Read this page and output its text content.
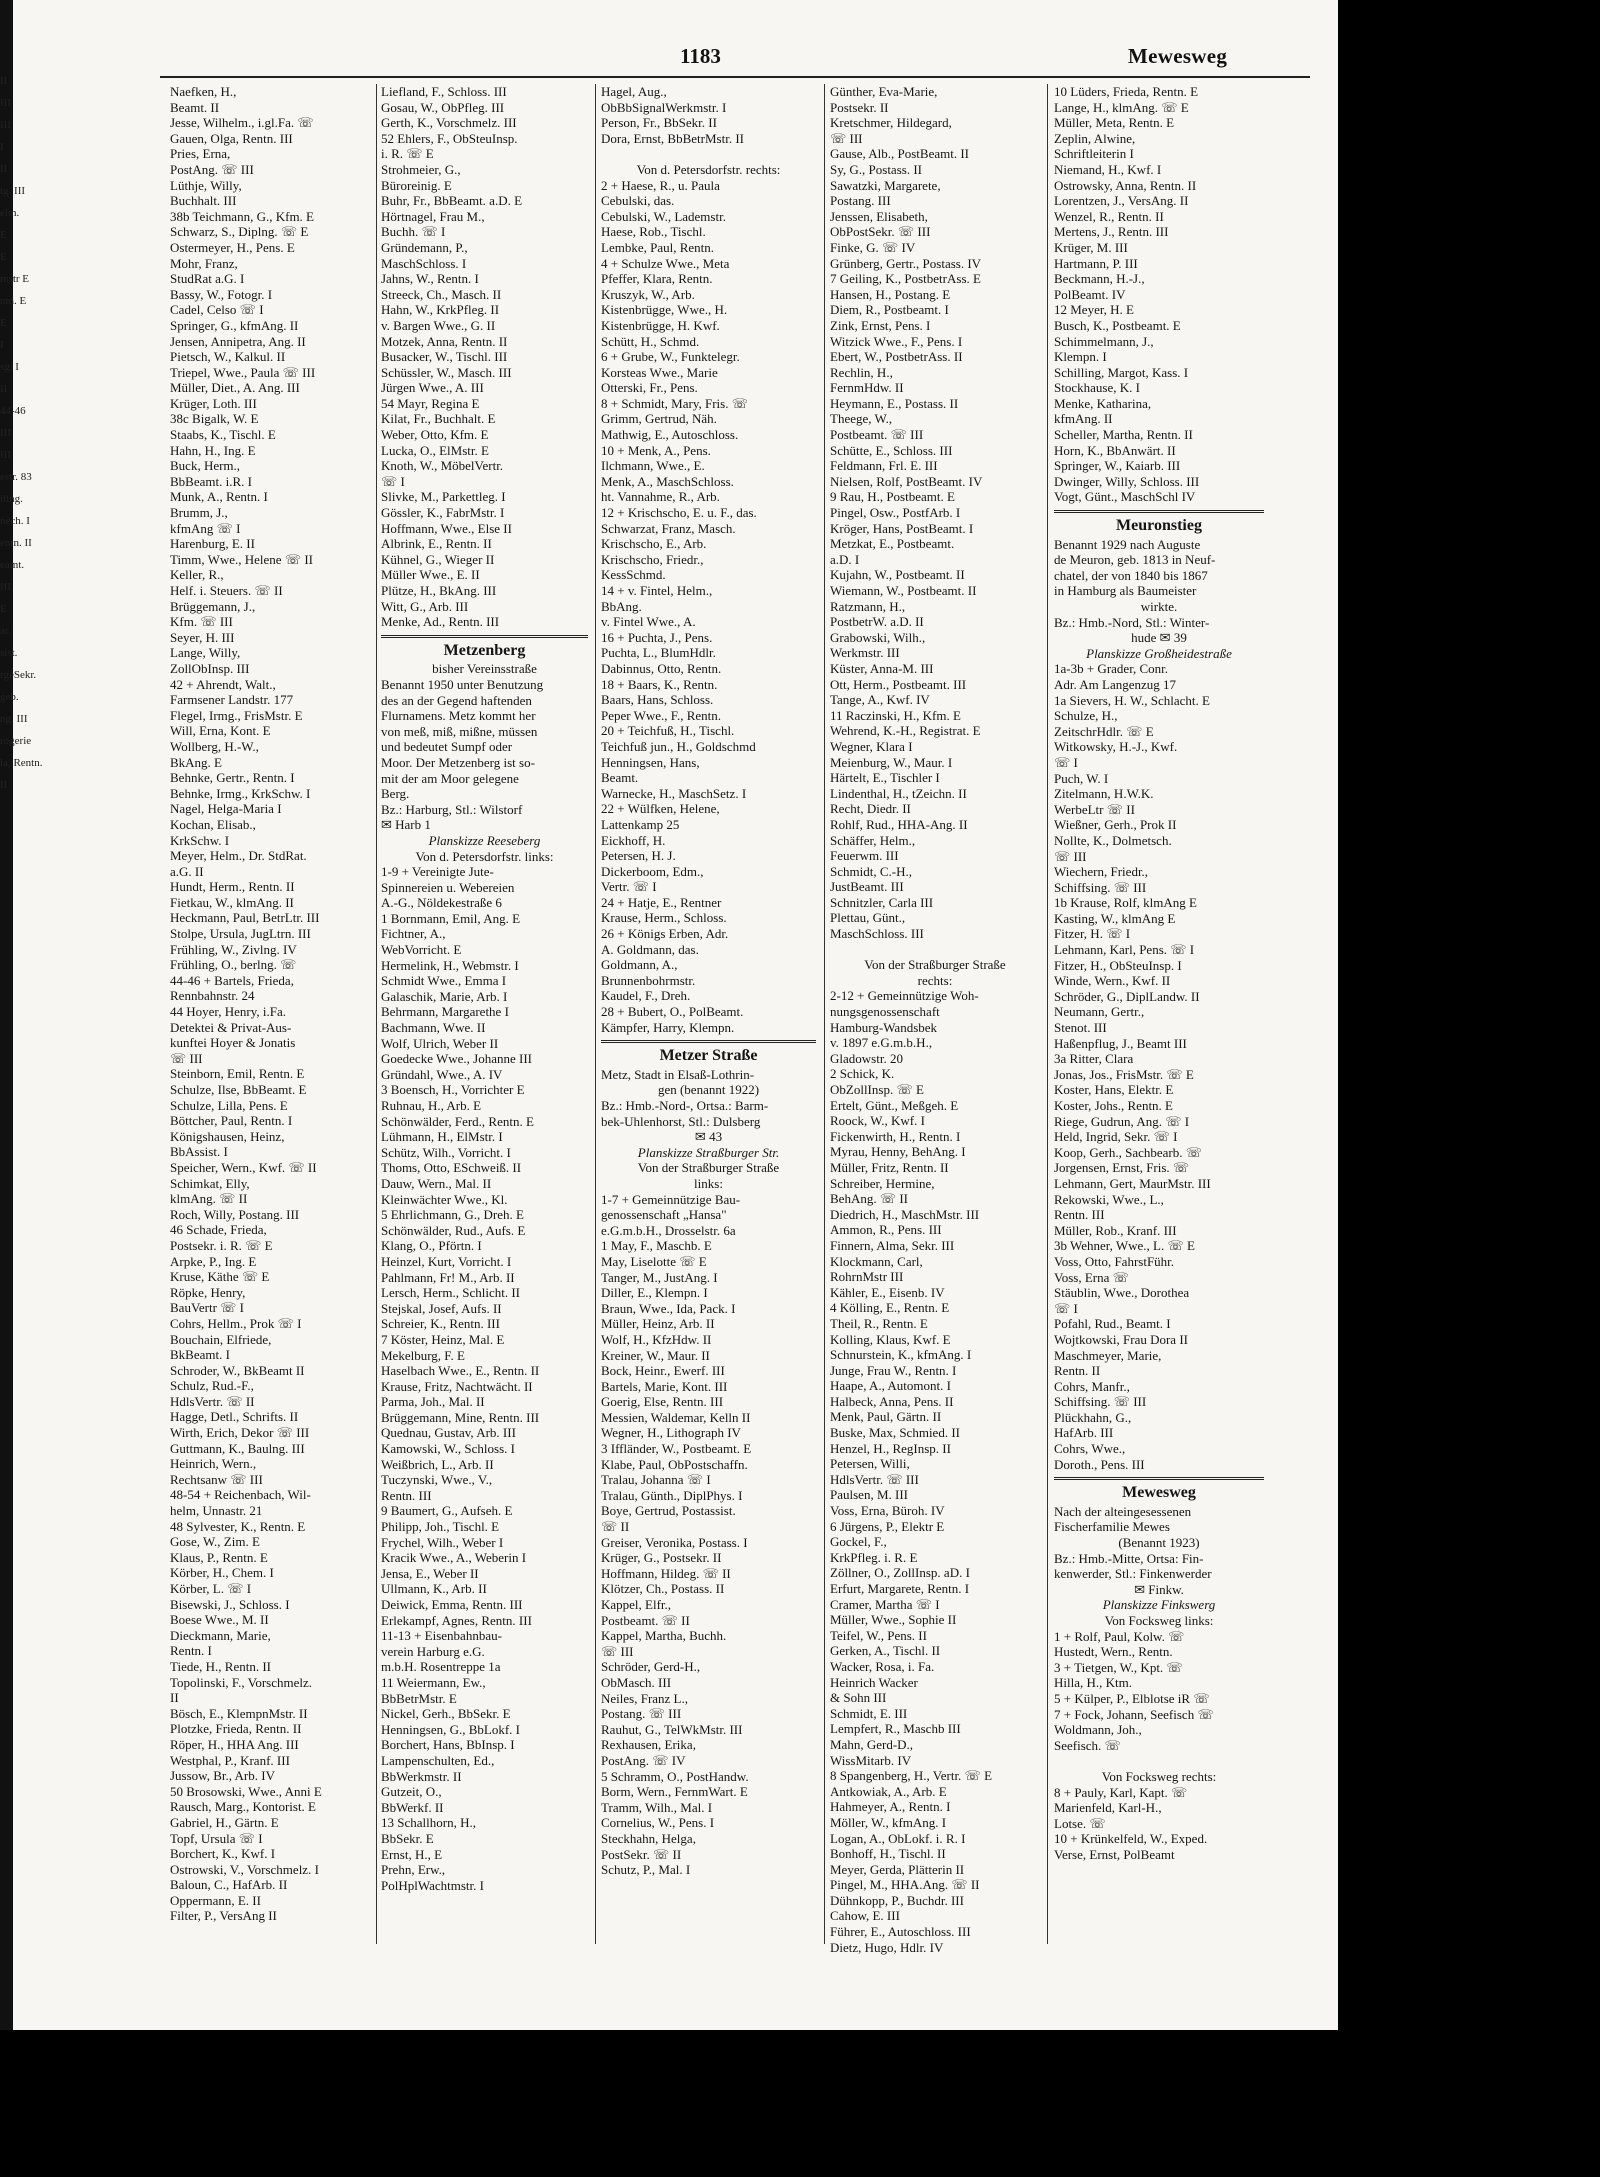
II
III
III
I
II
tg. III
elm.
E
E
mstr E
ntn. E
E
I
sg. I
II
44-46
III
III
estr. 83
illng.
nech. I
entn. II
eamt.
III
E
ar.
sist.
rgeSekr.
geb.
ng. III
rogerie
la, Rentn.
II
1183	Mewesweg
Naefken, H.,
Beamt. II
Jesse, Wilhelm., i.gl.Fa. ☏
Gauen, Olga, Rentn. III
Pries, Erna,
PostAng. ☏ III
Lüthje, Willy,
Buchhalt. III
38b Teichmann, G., Kfm. E
Schwarz, S., Diplng. ☏ E
Ostermeyer, H., Pens. E
Mohr, Franz,
StudRat a.G. I
Bassy, W., Fotogr. I
Cadel, Celso ☏ I
Springer, G., kfmAng. II
Jensen, Annipetra, Ang. II
Pietsch, W., Kalkul. II
Triepel, Wwe., Paula ☏ III
Müller, Diet., A. Ang. III
Krüger, Loth. III
38c Bigalk, W. E
Staabs, K., Tischl. E
Hahn, H., Ing. E
Buck, Herm.,
BbBeamt. i.R. I
Munk, A., Rentn. I
Brumm, J.,
kfmAng ☏ I
Harenburg, E. II
Timm, Wwe., Helene ☏ II
Keller, R.,
Helf. i. Steuers. ☏ II
Brüggemann, J.,
Kfm. ☏ III
Seyer, H. III
Lange, Willy,
ZollObInsp. III
42 + Ahrendt, Walt.,
Farmsener Landstr. 177
Flegel, Irmg., FrisMstr. E
Will, Erna, Kont. E
Wollberg, H.-W.,
BkAng. E
Behnke, Gertr., Rentn. I
Behnke, Irmg., KrkSchw. I
Nagel, Helga-Maria I
Kochan, Elisab.,
KrkSchw. I
Meyer, Helm., Dr. StdRat.
a.G. II
Hundt, Herm., Rentn. II
Fietkau, W., klmAng. II
Heckmann, Paul, BetrLtr. III
Stolpe, Ursula, JugLtrn. III
Frühling, W., Zivlng. IV
Frühling, O., berlng. ☏
44-46 + Bartels, Frieda,
Rennbahnstr. 24
44 Hoyer, Henry, i.Fa.
Detektei & Privat-Aus-
kunftei Hoyer & Jonatis
☏ III
Steinborn, Emil, Rentn. E
Schulze, Ilse, BbBeamt. E
Schulze, Lilla, Pens. E
Böttcher, Paul, Rentn. I
Königshausen, Heinz,
BbAssist. I
Speicher, Wern., Kwf. ☏ II
Schimkat, Elly,
klmAng. ☏ II
Roch, Willy, Postang. III
46 Schade, Frieda,
Postsekr. i. R. ☏ E
Arpke, P., Ing. E
Kruse, Käthe ☏ E
Röpke, Henry,
BauVertr ☏ I
Cohrs, Hellm., Prok ☏ I
Bouchain, Elfriede,
BkBeamt. I
Schroder, W., BkBeamt II
Schulz, Rud.-F.,
HdlsVertr. ☏ II
Hagge, Detl., Schrifts. II
Wirth, Erich, Dekor ☏ III
Guttmann, K., Baulng. III
Heinrich, Wern.,
Rechtsanw ☏ III
48-54 + Reichenbach, Wil-
helm, Unnastr. 21
48 Sylvester, K., Rentn. E
Gose, W., Zim. E
Klaus, P., Rentn. E
Körber, H., Chem. I
Körber, L. ☏ I
Bisewski, J., Schloss. I
Boese Wwe., M. II
Dieckmann, Marie,
Rentn. I
Tiede, H., Rentn. II
Topolinski, F., Vorschmelz.
II
Bösch, E., KlempnMstr. II
Plotzke, Frieda, Rentn. II
Röper, H., HHA Ang. III
Westphal, P., Kranf. III
Jussow, Br., Arb. IV
50 Brosowski, Wwe., Anni E
Rausch, Marg., Kontorist. E
Gabriel, H., Gärtn. E
Topf, Ursula ☏ I
Borchert, K., Kwf. I
Ostrowski, V., Vorschmelz. I
Baloun, C., HafArb. II
Oppermann, E. II
Filter, P., VersAng II
Liefland, F., Schloss. III
Gosau, W., ObPfleg. III
Gerth, K., Vorschmelz. III
52 Ehlers, F., ObSteuInsp.
i. R. ☏ E
Strohmeier, G.,
Büroreinig. E
Buhr, Fr., BbBeamt. a.D. E
Hörtnagel, Frau M.,
Buchh. ☏ I
Gründemann, P.,
MaschSchloss. I
Jahns, W., Rentn. I
Streeck, Ch., Masch. II
Hahn, W., KrkPfleg. II
v. Bargen Wwe., G. II
Motzek, Anna, Rentn. II
Busacker, W., Tischl. III
Schüssler, W., Masch. III
Jürgen Wwe., A. III
54 Mayr, Regina E
Kilat, Fr., Buchhalt. E
Weber, Otto, Kfm. E
Lucka, O., ElMstr. E
Knoth, W., MöbelVertr.
☏ I
Slivke, M., Parkettleg. I
Gössler, K., FabrMstr. I
Hoffmann, Wwe., Else II
Albrink, E., Rentn. II
Kühnel, G., Wieger II
Müller Wwe., E. II
Plütze, H., BkAng. III
Witt, G., Arb. III
Menke, Ad., Rentn. III
Metzenberg
bisher Vereinsstraße
Benannt 1950 unter Benutzung
des an der Gegend haftenden
Flurnamens. Metz kommt her
von meß, miß, mißne, müssen
und bedeutet Sumpf oder
Moor. Der Metzenberg ist so-
mit der am Moor gelegene
Berg.
Bz.: Harburg, Stl.: Wilstorf
✉ Harb 1
Planskizze Reeseberg
Von d. Petersdorfstr. links:
1-9 + Vereinigte Jute-
Spinnereien u. Webereien
A.-G., Nöldekestraße 6
1 Bornmann, Emil, Ang. E
Fichtner, A.,
WebVorricht. E
Hermelink, H., Webmstr. I
Schmidt Wwe., Emma I
Galaschik, Marie, Arb. I
Behrmann, Margarethe I
Bachmann, Wwe. II
Wolf, Ulrich, Weber II
Goedecke Wwe., Johanne III
Gründahl, Wwe., A. IV
3 Boensch, H., Vorrichter E
Ruhnau, H., Arb. E
Schönwälder, Ferd., Rentn. E
Lühmann, H., ElMstr. I
Schütz, Wilh., Vorricht. I
Thoms, Otto, ESchweiß. II
Dauw, Wern., Mal. II
Kleinwächter Wwe., Kl.
5 Ehrlichmann, G., Dreh. E
Schönwälder, Rud., Aufs. E
Klang, O., Pförtn. I
Heinzel, Kurt, Vorricht. I
Pahlmann, Fr! M., Arb. II
Lersch, Herm., Schlicht. II
Stejskal, Josef, Aufs. II
Schreier, K., Rentn. III
7 Köster, Heinz, Mal. E
Mekelburg, F. E
Haselbach Wwe., E., Rentn. II
Krause, Fritz, Nachtwächt. II
Parma, Joh., Mal. II
Brüggemann, Mine, Rentn. III
Quednau, Gustav, Arb. III
Kamowski, W., Schloss. I
Weißbrich, L., Arb. II
Tuczynski, Wwe., V.,
Rentn. III
9 Baumert, G., Aufseh. E
Philipp, Joh., Tischl. E
Frychel, Wilh., Weber I
Kracik Wwe., A., Weberin I
Jensa, E., Weber II
Ullmann, K., Arb. II
Deiwick, Emma, Rentn. III
Erlekampf, Agnes, Rentn. III
11-13 + Eisenbahnbau-
verein Harburg e.G.
m.b.H. Rosentreppe 1a
11 Weiermann, Ew.,
BbBetrMstr. E
Nickel, Gerh., BbSekr. E
Henningsen, G., BbLokf. I
Borchert, Hans, BbInsp. I
Lampenschulten, Ed.,
BbWerkmstr. II
Gutzeit, O.,
BbWerkf. II
13 Schallhorn, H.,
BbSekr. E
Ernst, H., E
Prehn, Erw.,
PolHplWachtmstr. I
Hagel, Aug.,
ObBbSignalWerkmstr. I
Person, Fr., BbSekr. II
Dora, Ernst, BbBetrMstr. II

Von d. Petersdorfstr. rechts:
2 + Haese, R., u. Paula
Cebulski, das.
Cebulski, W., Lademstr.
Haese, Rob., Tischl.
Lembke, Paul, Rentn.
4 + Schulze Wwe., Meta
Pfeffer, Klara, Rentn.
Kruszyk, W., Arb.
Kistenbrügge, Wwe., H.
Kistenbrügge, H. Kwf.
Schütt, H., Schmd.
6 + Grube, W., Funktelegr.
Korsteas Wwe., Marie
Otterski, Fr., Pens.
8 + Schmidt, Mary, Fris. ☏
Grimm, Gertrud, Näh.
Mathwig, E., Autoschloss.
10 + Menk, A., Pens.
Ilchmann, Wwe., E.
Menk, A., MaschSchloss.
ht. Vannahme, R., Arb.
12 + Krischscho, E. u. F., das.
Schwarzat, Franz, Masch.
Krischscho, E., Arb.
Krischscho, Friedr.,
KessSchmd.
14 + v. Fintel, Helm.,
BbAng.
v. Fintel Wwe., A.
16 + Puchta, J., Pens.
Puchta, L., BlumHdlr.
Dabinnus, Otto, Rentn.
18 + Baars, K., Rentn.
Baars, Hans, Schloss.
Peper Wwe., F., Rentn.
20 + Teichfuß, H., Tischl.
Teichfuß jun., H., Goldschmd
Henningsen, Hans,
Beamt.
Warnecke, H., MaschSetz. I
22 + Wülfken, Helene,
Lattenkamp 25
Eickhoff, H.
Petersen, H. J.
Dickerboom, Edm.,
Vertr. ☏ I
24 + Hatje, E., Rentner
Krause, Herm., Schloss.
26 + Königs Erben, Adr.
A. Goldmann, das.
Goldmann, A.,
Brunnenbohrmstr.
Kaudel, F., Dreh.
28 + Bubert, O., PolBeamt.
Kämpfer, Harry, Klempn.
Metzer Straße
Metz, Stadt in Elsaß-Lothrin-
gen (benannt 1922)
Bz.: Hmb.-Nord-, Ortsa.: Barm-
bek-Uhlenhorst, Stl.: Dulsberg
✉ 43
Planskizze Straßburger Str.
Von der Straßburger Straße
links:
1-7 + Gemeinnützige Bau-
genossenschaft „Hansa"
e.G.m.b.H., Drosselstr. 6a
1 May, F., Maschb. E
May, Liselotte ☏ E
Tanger, M., JustAng. I
Diller, E., Klempn. I
Braun, Wwe., Ida, Pack. I
Müller, Heinz, Arb. II
Wolf, H., KfzHdw. II
Kreiner, W., Maur. II
Bock, Heinr., Ewerf. III
Bartels, Marie, Kont. III
Goerig, Else, Rentn. III
Messien, Waldemar, Kelln II
Wegner, H., Lithograph IV
3 Iffländer, W., Postbeamt. E
Klabe, Paul, ObPostschaffn.
Tralau, Johanna ☏ I
Tralau, Günth., DiplPhys. I
Boye, Gertrud, Postassist.
☏ II
Greiser, Veronika, Postass. I
Krüger, G., Postsekr. II
Hoffmann, Hildeg. ☏ II
Klötzer, Ch., Postass. II
Kappel, Elfr.,
Postbeamt. ☏ II
Kappel, Martha, Buchh.
☏ III
Schröder, Gerd-H.,
ObMasch. III
Neiles, Franz L.,
Postang. ☏ III
Rauhut, G., TelWkMstr. III
Rexhausen, Erika,
PostAng. ☏ IV
5 Schramm, O., PostHandw.
Borm, Wern., FernmWart. E
Tramm, Wilh., Mal. I
Cornelius, W., Pens. I
Steckhahn, Helga,
PostSekr. ☏ II
Schutz, P., Mal. I
Günther, Eva-Marie,
Postsekr. II
Kretschmer, Hildegard,
☏ III
Gause, Alb., PostBeamt. II
Sy, G., Postass. II
Sawatzki, Margarete,
Postang. III
Jenssen, Elisabeth,
ObPostSekr. ☏ III
Finke, G. ☏ IV
Grünberg, Gertr., Postass. IV
7 Geiling, K., PostbetrAss. E
Hansen, H., Postang. E
Diem, R., Postbeamt. I
Zink, Ernst, Pens. I
Witzick Wwe., F., Pens. I
Ebert, W., PostbetrAss. II
Rechlin, H.,
FernmHdw. II
Heymann, E., Postass. II
Theege, W.,
Postbeamt. ☏ III
Schütte, E., Schloss. III
Feldmann, Frl. E. III
Nielsen, Rolf, PostBeamt. IV
9 Rau, H., Postbeamt. E
Pingel, Osw., PostfArb. I
Kröger, Hans, PostBeamt. I
Metzkat, E., Postbeamt.
a.D. I
Kujahn, W., Postbeamt. II
Wiemann, W., Postbeamt. II
Ratzmann, H.,
PostbetrW. a.D. II
Grabowski, Wilh.,
Werkmstr. III
Küster, Anna-M. III
Ott, Herm., Postbeamt. III
Tange, A., Kwf. IV
11 Raczinski, H., Kfm. E
Wehrend, K.-H., Registrat. E
Wegner, Klara I
Meienburg, W., Maur. I
Härtelt, E., Tischler I
Lindenthal, H., tZeichn. II
Recht, Diedr. II
Rohlf, Rud., HHA-Ang. II
Schäffer, Helm.,
Feuerwm. III
Schmidt, C.-H.,
JustBeamt. III
Schnitzler, Carla III
Plettau, Günt.,
MaschSchloss. III

Von der Straßburger Straße
rechts:
2-12 + Gemeinnützige Woh-
nungsgenossenschaft
Hamburg-Wandsbek
v. 1897 e.G.m.b.H.,
Gladowstr. 20
2 Schick, K.
ObZollInsp. ☏ E
Ertelt, Günt., Meßgeh. E
Roock, W., Kwf. I
Fickenwirth, H., Rentn. I
Myrau, Henny, BehAng. I
Müller, Fritz, Rentn. II
Schreiber, Hermine,
BehAng. ☏ II
Diedrich, H., MaschMstr. III
Ammon, R., Pens. III
Finnern, Alma, Sekr. III
Klockmann, Carl,
RohrnMstr III
Kähler, E., Eisenb. IV
4 Kölling, E., Rentn. E
Theil, R., Rentn. E
Kolling, Klaus, Kwf. E
Schnurstein, K., kfmAng. I
Junge, Frau W., Rentn. I
Haape, A., Automont. I
Halbeck, Anna, Pens. II
Menk, Paul, Gärtn. II
Buske, Max, Schmied. II
Henzel, H., RegInsp. II
Petersen, Willi,
HdlsVertr. ☏ III
Paulsen, M. III
Voss, Erna, Büroh. IV
6 Jürgens, P., Elektr E
Gockel, F.,
KrkPfleg. i. R. E
Zöllner, O., ZollInsp. aD. I
Erfurt, Margarete, Rentn. I
Cramer, Martha ☏ I
Müller, Wwe., Sophie II
Teifel, W., Pens. II
Gerken, A., Tischl. II
Wacker, Rosa, i. Fa.
Heinrich Wacker
& Sohn III
Schmidt, E. III
Lempfert, R., Maschb III
Mahn, Gerd-D.,
WissMitarb. IV
8 Spangenberg, H., Vertr. ☏ E
Antkowiak, A., Arb. E
Hahmeyer, A., Rentn. I
Möller, W., kfmAng. I
Logan, A., ObLokf. i. R. I
Bonhoff, H., Tischl. II
Meyer, Gerda, Plätterin II
Pingel, M., HHA.Ang. ☏ II
Dühnkopp, P., Buchdr. III
Cahow, E. III
Führer, E., Autoschloss. III
Dietz, Hugo, Hdlr. IV
10 Lüders, Frieda, Rentn. E
Lange, H., klmAng. ☏ E
Müller, Meta, Rentn. E
Zeplin, Alwine,
Schriftleiterin I
Niemand, H., Kwf. I
Ostrowsky, Anna, Rentn. II
Lorentzen, J., VersAng. II
Wenzel, R., Rentn. II
Mertens, J., Rentn. III
Krüger, M. III
Hartmann, P. III
Beckmann, H.-J.,
PolBeamt. IV
12 Meyer, H. E
Busch, K., Postbeamt. E
Schimmelmann, J.,
Klempn. I
Schilling, Margot, Kass. I
Stockhause, K. I
Menke, Katharina,
kfmAng. II
Scheller, Martha, Rentn. II
Horn, K., BbAnwärt. II
Springer, W., Kaiarb. III
Dwinger, Willy, Schloss. III
Vogt, Günt., MaschSchl IV
Meuronstieg
Benannt 1929 nach Auguste
de Meuron, geb. 1813 in Neuf-
chatel, der von 1840 bis 1867
in Hamburg als Baumeister
wirkte.
Bz.: Hmb.-Nord, Stl.: Winter-
hude ✉ 39
Planskizze Großheidestraße
1a-3b + Grader, Conr.
Adr. Am Langenzug 17
1a Sievers, H. W., Schlacht. E
Schulze, H.,
ZeitschrHdlr. ☏ E
Witkowsky, H.-J., Kwf.
☏ I
Puch, W. I
Zitelmann, H.W.K.
WerbeLtr ☏ II
Wießner, Gerh., Prok II
Nollte, K., Dolmetsch.
☏ III
Wiechern, Friedr.,
Schiffsing. ☏ III
1b Krause, Rolf, klmAng E
Kasting, W., klmAng E
Fitzer, H. ☏ I
Lehmann, Karl, Pens. ☏ I
Fitzer, H., ObSteuInsp. I
Winde, Wern., Kwf. II
Schröder, G., DiplLandw. II
Neumann, Gertr.,
Stenot. III
Haßenpflug, J., Beamt III
3a Ritter, Clara
Jonas, Jos., FrisMstr. ☏ E
Koster, Hans, Elektr. E
Koster, Johs., Rentn. E
Riege, Gudrun, Ang. ☏ I
Held, Ingrid, Sekr. ☏ I
Koop, Gerh., Sachbearb. ☏
Jorgensen, Ernst, Fris. ☏
Lehmann, Gert, MaurMstr. III
Rekowski, Wwe., L.,
Rentn. III
Müller, Rob., Kranf. III
3b Wehner, Wwe., L. ☏ E
Voss, Otto, FahrstFühr.
Voss, Erna ☏
Stäublin, Wwe., Dorothea
☏ I
Pofahl, Rud., Beamt. I
Wojtkowski, Frau Dora II
Maschmeyer, Marie,
Rentn. II
Cohrs, Manfr.,
Schiffsing. ☏ III
Plückhahn, G.,
HafArb. III
Cohrs, Wwe.,
Doroth., Pens. III
Mewesweg
Nach der alteingesessenen
Fischerfamilie Mewes
(Benannt 1923)
Bz.: Hmb.-Mitte, Ortsa: Fin-
kenwerder, Stl.: Finkenwerder
✉ Finkw.
Planskizze Finkswerg
Von Focksweg links:
1 + Rolf, Paul, Kolw. ☏
Hustedt, Wern., Rentn.
3 + Tietgen, W., Kpt. ☏
Hilla, H., Ktm.
5 + Külper, P., Elblotse iR ☏
7 + Fock, Johann, Seefisch ☏
Woldmann, Joh.,
Seefisch. ☏

Von Focksweg rechts:
8 + Pauly, Karl, Kapt. ☏
Marienfeld, Karl-H.,
Lotse. ☏
10 + Krünkelfeld, W., Exped.
Verse, Ernst, PolBeamt
